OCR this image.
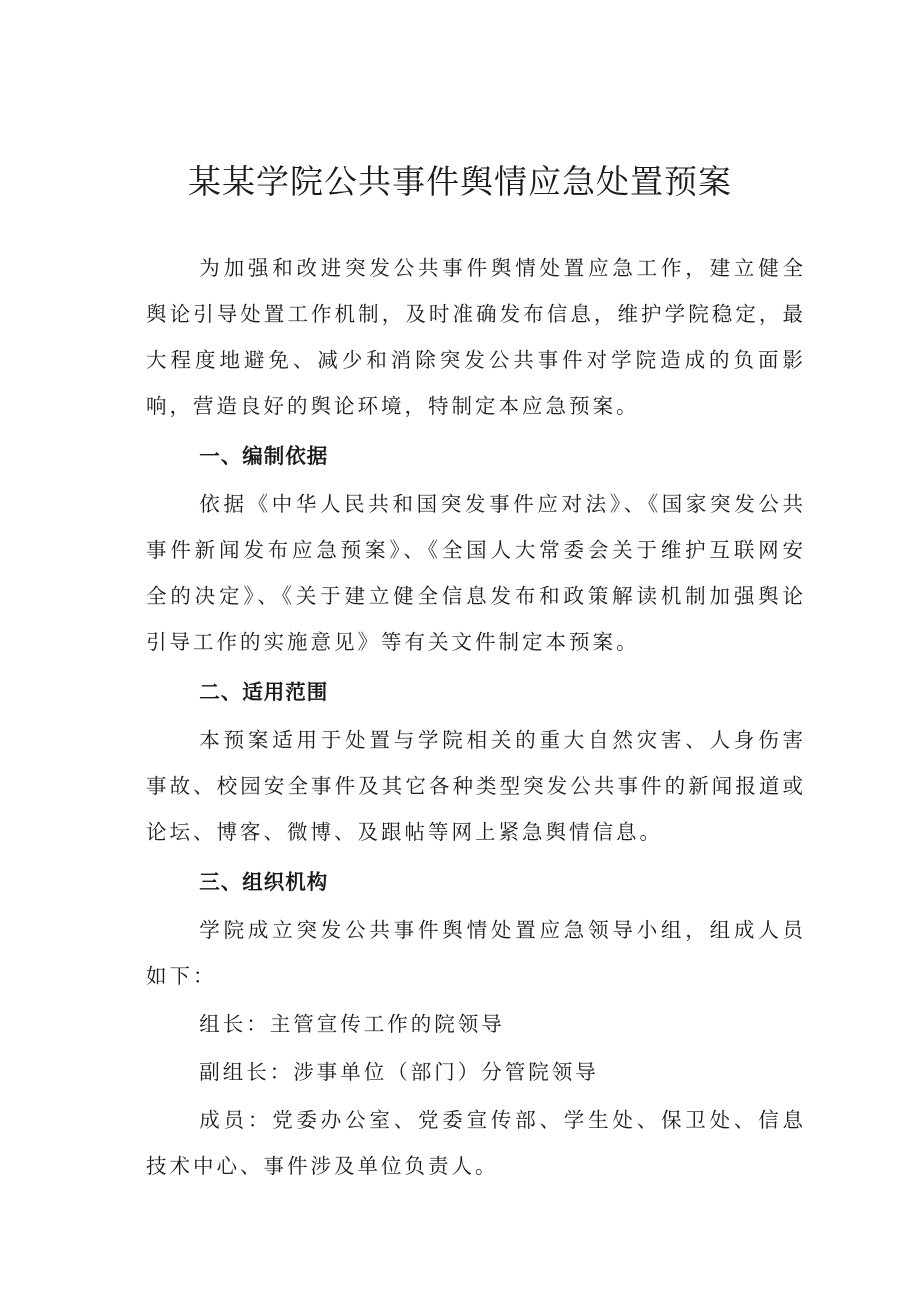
某某学院公共事件舆情应急处置预案

为加强和改进突发公共事件舆情处置应急工作，建立健全舆论引导处置工作机制，及时准确发布信息，维护学院稳定，最大程度地避免、减少和消除突发公共事件对学院造成的负面影响，营造良好的舆论环境，特制定本应急预案。

一、编制依据

依据《中华人民共和国突发事件应对法》、《国家突发公共事件新闻发布应急预案》、《全国人大常委会关于维护互联网安全的决定》、《关于建立健全信息发布和政策解读机制加强舆论引导工作的实施意见》等有关文件制定本预案。

二、适用范围

本预案适用于处置与学院相关的重大自然灾害、人身伤害事故、校园安全事件及其它各种类型突发公共事件的新闻报道或论坛、博客、微博、及跟帖等网上紧急舆情信息。

三、组织机构

学院成立突发公共事件舆情处置应急领导小组，组成人员如下：

组长：主管宣传工作的院领导

副组长：涉事单位（部门）分管院领导

成员：党委办公室、党委宣传部、学生处、保卫处、信息技术中心、事件涉及单位负责人。
